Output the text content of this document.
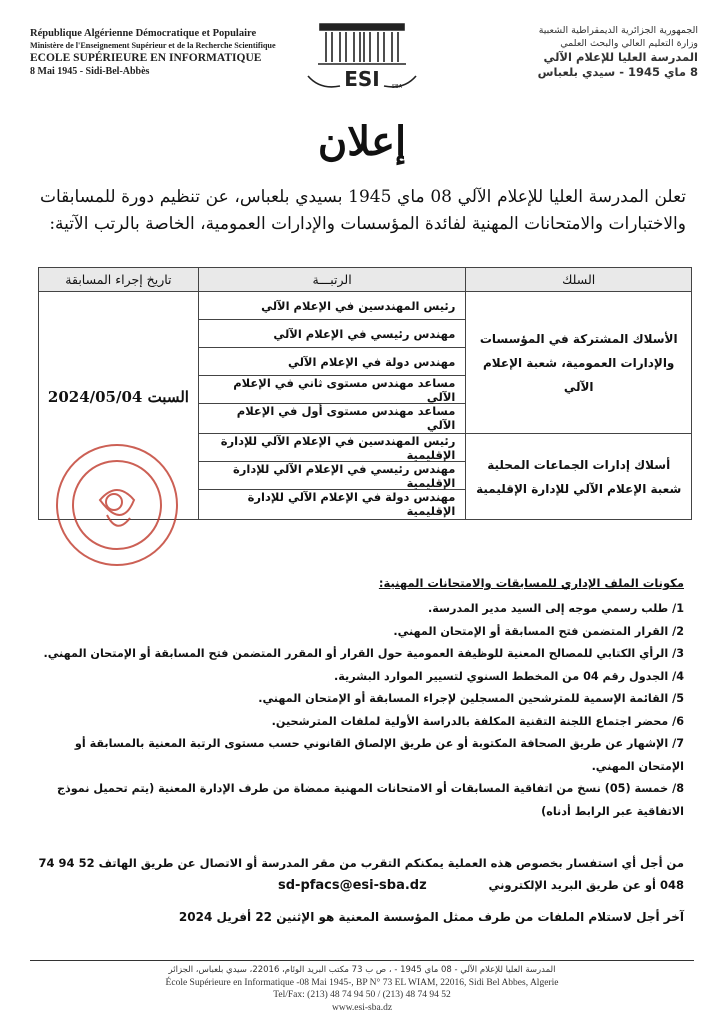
République Algérienne Démocratique et Populaire
Ministère de l'Enseignement Supérieur et de la Recherche Scientifique
ECOLE SUPÉRIEURE EN INFORMATIQUE
8 Mai 1945 - Sidi-Bel-Abbès	ESI SBA
الجمهورية الجزائرية الديمقراطية الشعبية
وزارة التعليم العالي والبحث العلمي
المدرسة العليا للإعلام الآلي
8 ماي 1945 - سيدي بلعباس
إعلان
تعلن المدرسة العليا للإعلام الآلي 08 ماي 1945 بسيدي بلعباس، عن تنظيم دورة للمسابقات والاختبارات والامتحانات المهنية لفائدة المؤسسات والإدارات العمومية، الخاصة بالرتب الآتية:
السلك	الرتبـــة	تاريخ إجراء المسابقة
الأسلاك المشتركة في المؤسسات والإدارات العمومية، شعبة الإعلام الآلي	رئيس المهندسين في الإعلام الآلي
مهندس رئيسي في الإعلام الآلي
مهندس دولة في الإعلام الآلي
مساعد مهندس مستوى ثاني في الإعلام الآلي
مساعد مهندس مستوى أول في الإعلام الآلي	السبت 2024/05/04
أسلاك إدارات الجماعات المحلية شعبة الإعلام الآلي للإدارة الإقليمية	رئيس المهندسين في الإعلام الآلي للإدارة الإقليمية
مهندس رئيسي في الإعلام الآلي للإدارة الإقليمية
مهندس دولة في الإعلام الآلي للإدارة الإقليمية	
مكونات الملف الإداري للمسابقات والامتحانات المهنية:
1/ طلب رسمي موجه إلى السيد مدير المدرسة.
2/ القرار المتضمن فتح المسابقة أو الإمتحان المهني.
3/ الرأي الكتابي للمصالح المعنية للوظيفة العمومية حول القرار أو المقرر المتضمن فتح المسابقة أو الإمتحان المهني.
4/ الجدول رقم 04 من المخطط السنوي لتسيير الموارد البشرية.
5/ القائمة الإسمية للمترشحين المسجلين لإجراء المسابقة أو الإمتحان المهني.
6/ محضر اجتماع اللجنة التقنية المكلفة بالدراسة الأولية لملفات المترشحين.
7/ الإشهار عن طريق الصحافة المكتوبة أو عن طريق الإلصاق القانوني حسب مستوى الرتبة المعنية بالمسابقة أو الإمتحان المهني.
8/ خمسة (05) نسخ من اتفاقية المسابقات أو الامتحانات المهنية ممضاة من طرف الإدارة المعنية (يتم تحميل نموذج الاتفاقية عبر الرابط أدناه)
من أجل أي استفسار بخصوص هذه العملية يمكنكم التقرب من مقر المدرسة أو الاتصال عن طريق الهاتف 52 94 74 048 أو عن طريق البريد الإلكتروني
sd-pfacs@esi-sba.dz
آخر أجل لاستلام الملفات من طرف ممثل المؤسسة المعنية هو الإثنين 22 أفريل 2024
المدرسة العليا للإعلام الآلي - 08 ماي 1945 - ، ص ب 73 مكتب البريد الوئام، 22016، سيدي بلعباس، الجزائر
École Supérieure en Informatique -08 Mai 1945-, BP N° 73 EL WIAM, 22016, Sidi Bel Abbes, Algerie
Tel/Fax: (213) 48 74 94 50 / (213) 48 74 94 52
www.esi-sba.dz
